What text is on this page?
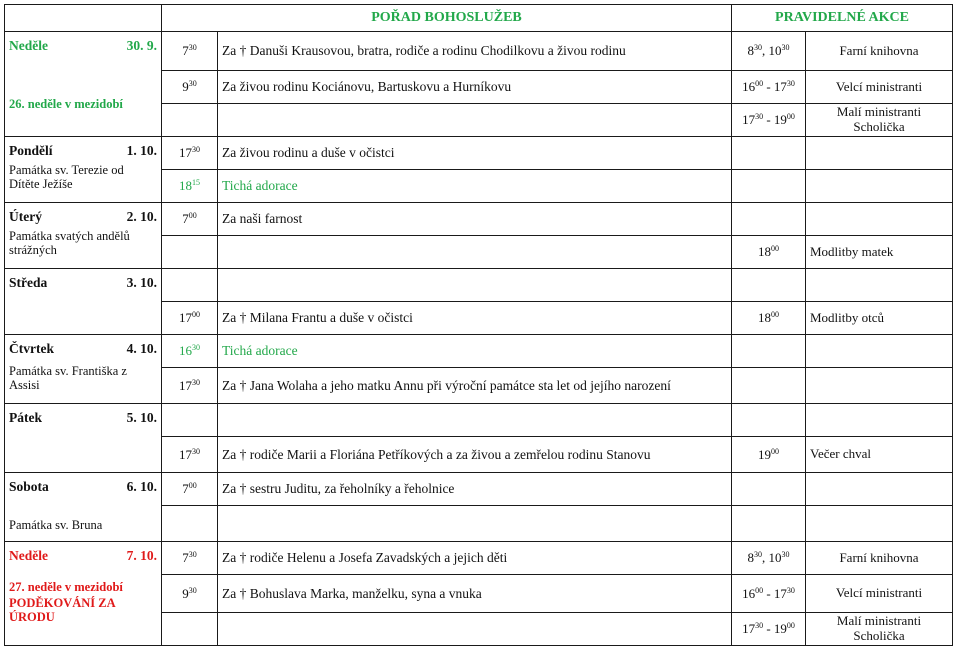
	POŘAD BOHOSLUŽEB		PRAVIDELNÉ AKCE	

Neděle 30. 9.
26. neděle v mezidobí	$7^{30}$	Za † Danuši Krausovou, bratra, rodiče a rodinu Chodilkovu a živou rodinu	$8^{30}$, $10^{30}$	Farní knihovna

	$9^{30}$	Za živou rodinu Kociánovu, Bartuskovu a Hurníkovu	$16^{00} - 17^{30}$	Velcí ministranti

			$17^{30} - 19^{00}$	Malí ministranti
Scholička

Pondělí 1. 10.
Památka sv. Terezie od Dítěte Ježíše	$17^{30}$	Za živou rodinu a duše v očistci		
	$18^{15}$	Tichá adorace		

Úterý 2. 10.
Památka svatých andělů strážných	$7^{00}$	Za naši farnost		
			$18^{00}$	Modlitby matek

Středa 3. 10.				

	$17^{00}$	Za † Milana Frantu a duše v očistci	$18^{00}$	Modlitby otců

Čtvrtek 4. 10.
Památka sv. Františka z Assisi	$16^{30}$	Tichá adorace		
	$17^{30}$	Za † Jana Wolaha a jeho matku Annu při výroční památce sta let od jejího narození		

Pátek 5. 10.				

	$17^{30}$	Za † rodiče Marii a Floriána Petříkových a za živou a zemřelou rodinu Stanovu	$19^{00}$	Večer chval

Sobota 6. 10.
Památka sv. Bruna	$7^{00}$	Za † sestru Juditu, za řeholníky a řeholnice		

Neděle 7. 10.
27. neděle v mezidobí
PODĚKOVÁNÍ ZA ÚRODU	$7^{30}$	Za † rodiče Helenu a Josefa Zavadských a jejich děti	$8^{30}$, $10^{30}$	Farní knihovna

	$9^{30}$	Za † Bohuslava Marka, manželku, syna a vnuka	$16^{00} - 17^{30}$	Velcí ministranti

			$17^{30} - 19^{00}$	Malí ministranti
Scholička
